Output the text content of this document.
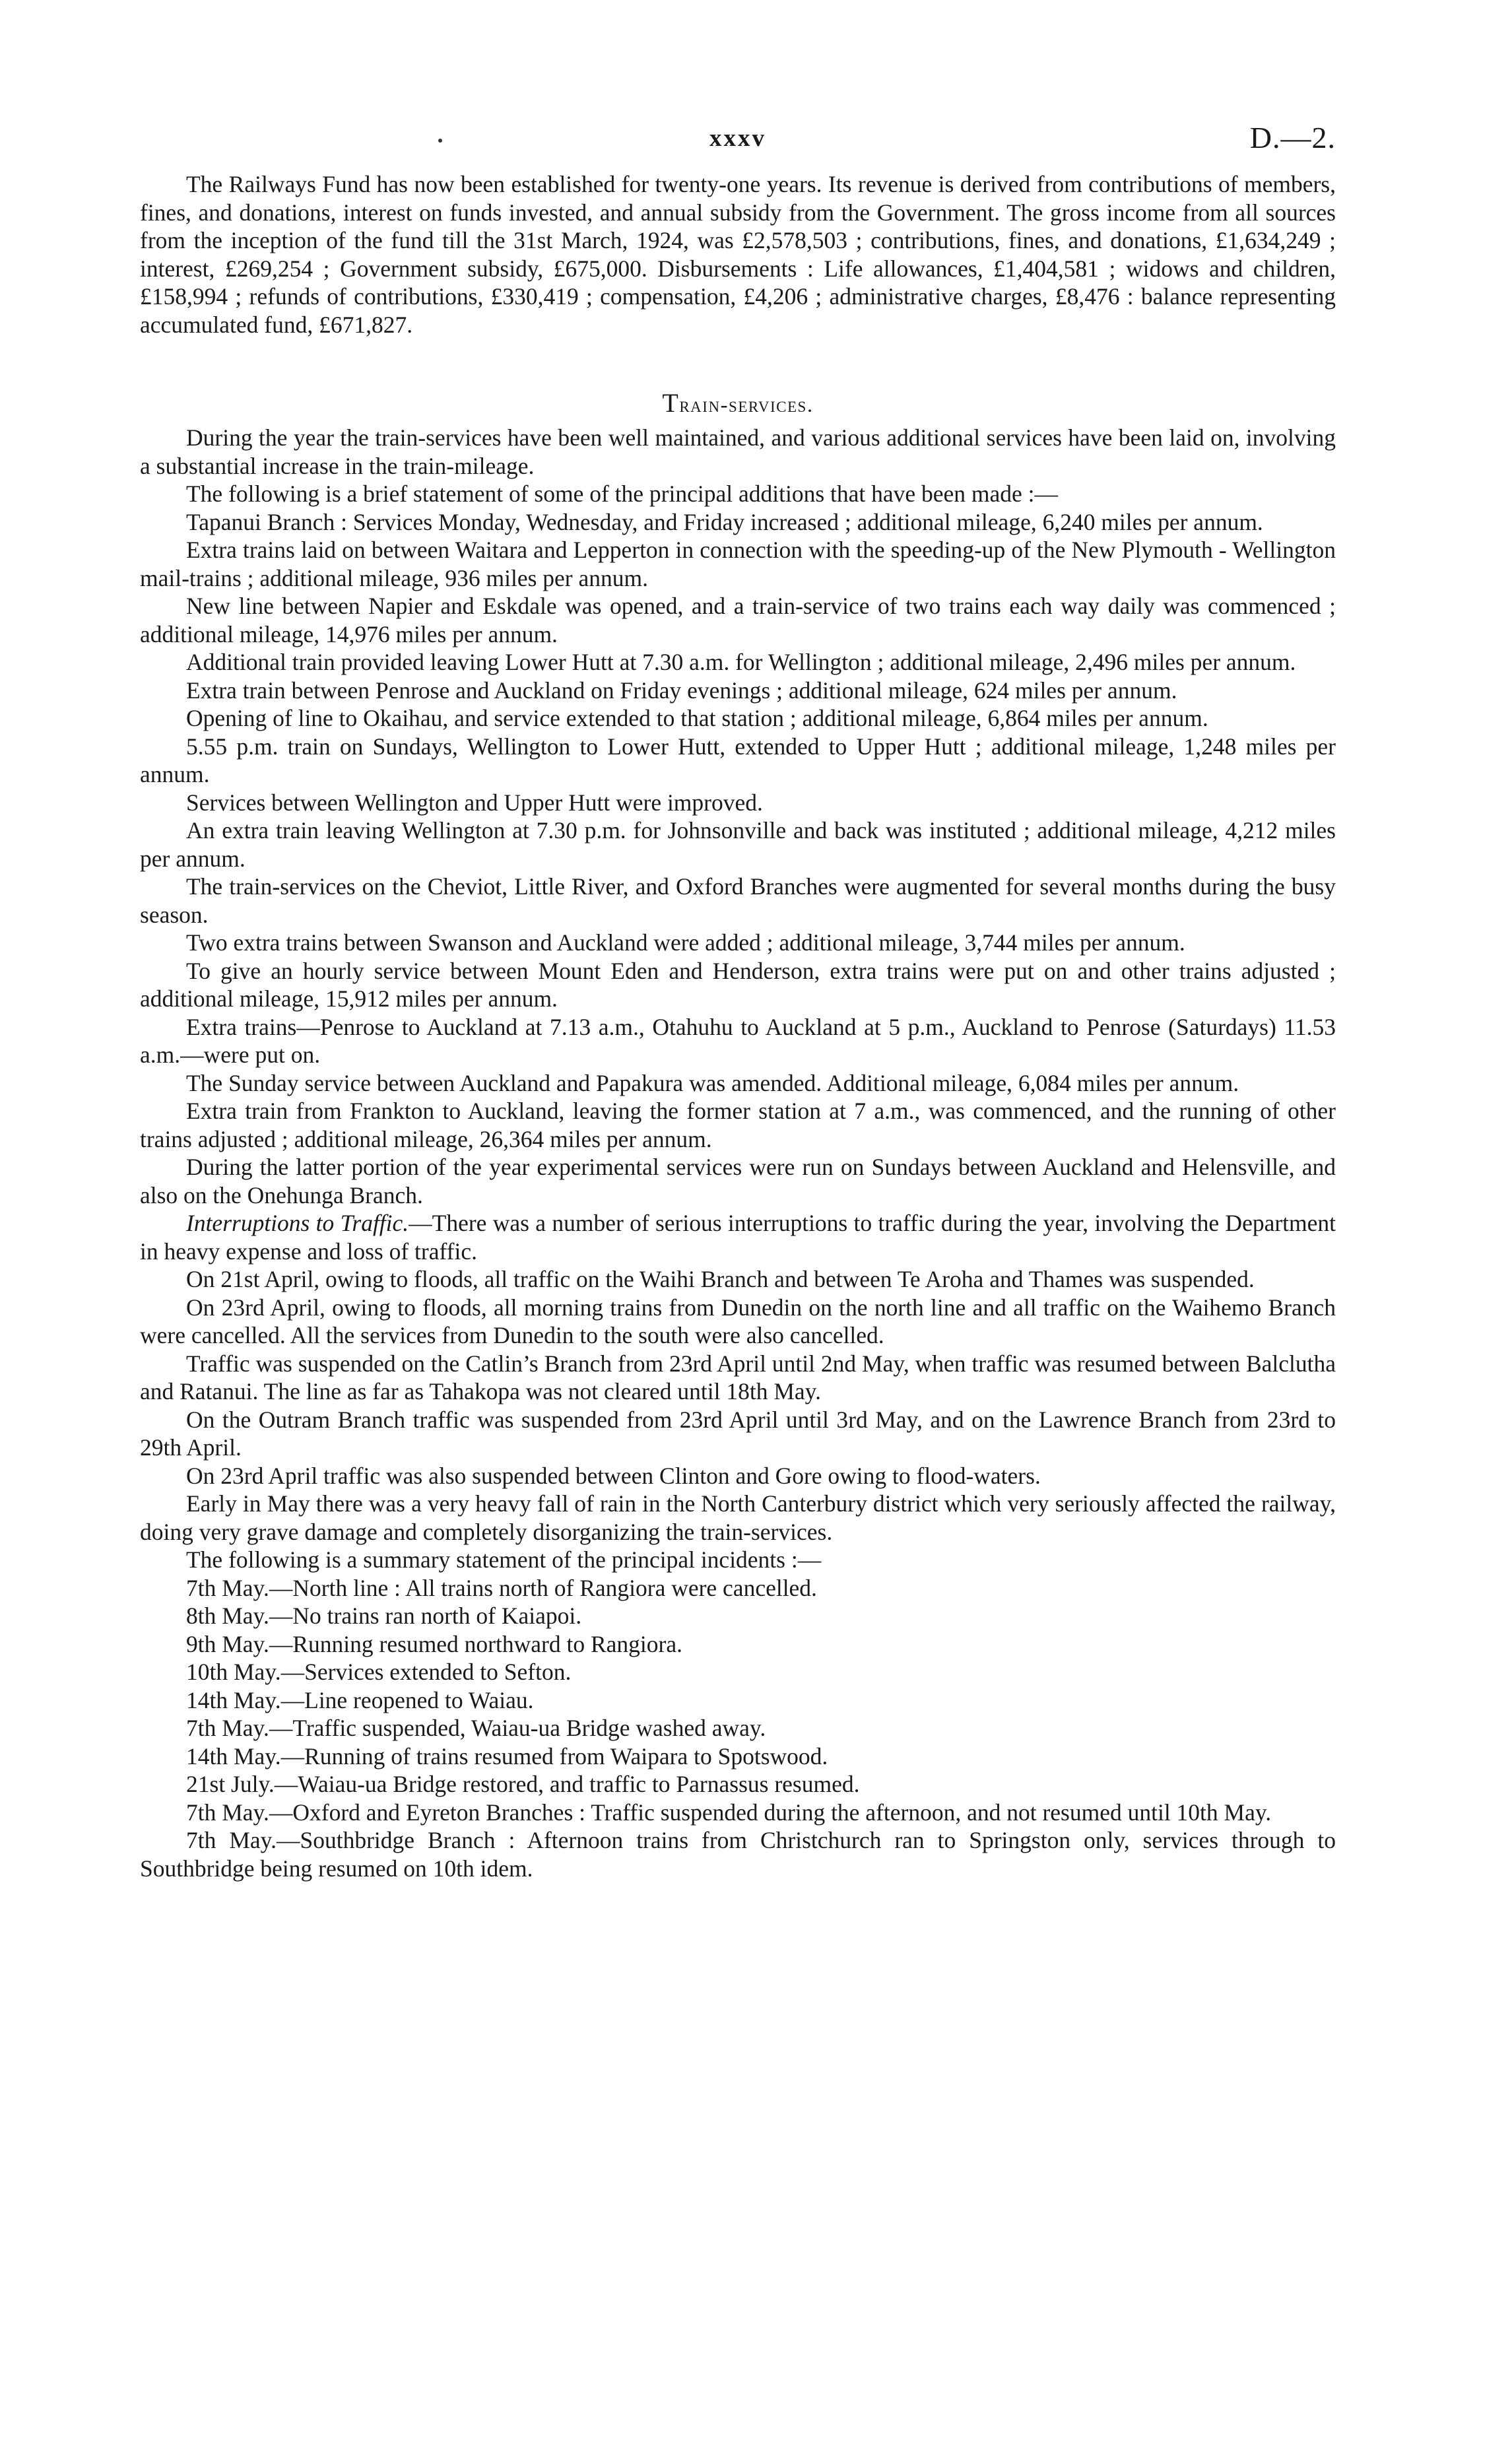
xxxv	D.—2.

The Railways Fund has now been established for twenty-one years. Its revenue is derived from contributions of members, fines, and donations, interest on funds invested, and annual subsidy from the Government. The gross income from all sources from the inception of the fund till the 31st March, 1924, was £2,578,503 ; contributions, fines, and donations, £1,634,249 ; interest, £269,254 ; Government subsidy, £675,000. Disbursements : Life allowances, £1,404,581 ; widows and children, £158,994 ; refunds of contributions, £330,419 ; compensation, £4,206 ; administrative charges, £8,476 : balance representing accumulated fund, £671,827.

Train-services.

During the year the train-services have been well maintained, and various additional services have been laid on, involving a substantial increase in the train-mileage.

The following is a brief statement of some of the principal additions that have been made :—

Tapanui Branch : Services Monday, Wednesday, and Friday increased ; additional mileage, 6,240 miles per annum.

Extra trains laid on between Waitara and Lepperton in connection with the speeding-up of the New Plymouth - Wellington mail-trains ; additional mileage, 936 miles per annum.

New line between Napier and Eskdale was opened, and a train-service of two trains each way daily was commenced ; additional mileage, 14,976 miles per annum.

Additional train provided leaving Lower Hutt at 7.30 a.m. for Wellington ; additional mileage, 2,496 miles per annum.

Extra train between Penrose and Auckland on Friday evenings ; additional mileage, 624 miles per annum.

Opening of line to Okaihau, and service extended to that station ; additional mileage, 6,864 miles per annum.

5.55 p.m. train on Sundays, Wellington to Lower Hutt, extended to Upper Hutt ; additional mileage, 1,248 miles per annum.

Services between Wellington and Upper Hutt were improved.

An extra train leaving Wellington at 7.30 p.m. for Johnsonville and back was instituted ; additional mileage, 4,212 miles per annum.

The train-services on the Cheviot, Little River, and Oxford Branches were augmented for several months during the busy season.

Two extra trains between Swanson and Auckland were added ; additional mileage, 3,744 miles per annum.

To give an hourly service between Mount Eden and Henderson, extra trains were put on and other trains adjusted ; additional mileage, 15,912 miles per annum.

Extra trains—Penrose to Auckland at 7.13 a.m., Otahuhu to Auckland at 5 p.m., Auckland to Penrose (Saturdays) 11.53 a.m.—were put on.

The Sunday service between Auckland and Papakura was amended. Additional mileage, 6,084 miles per annum.

Extra train from Frankton to Auckland, leaving the former station at 7 a.m., was commenced, and the running of other trains adjusted ; additional mileage, 26,364 miles per annum.

During the latter portion of the year experimental services were run on Sundays between Auckland and Helensville, and also on the Onehunga Branch.

Interruptions to Traffic.—There was a number of serious interruptions to traffic during the year, involving the Department in heavy expense and loss of traffic.

On 21st April, owing to floods, all traffic on the Waihi Branch and between Te Aroha and Thames was suspended.

On 23rd April, owing to floods, all morning trains from Dunedin on the north line and all traffic on the Waihemo Branch were cancelled. All the services from Dunedin to the south were also cancelled.

Traffic was suspended on the Catlin’s Branch from 23rd April until 2nd May, when traffic was resumed between Balclutha and Ratanui. The line as far as Tahakopa was not cleared until 18th May.

On the Outram Branch traffic was suspended from 23rd April until 3rd May, and on the Lawrence Branch from 23rd to 29th April.

On 23rd April traffic was also suspended between Clinton and Gore owing to flood-waters.

Early in May there was a very heavy fall of rain in the North Canterbury district which very seriously affected the railway, doing very grave damage and completely disorganizing the train-services.

The following is a summary statement of the principal incidents :—

7th May.—North line : All trains north of Rangiora were cancelled.

8th May.—No trains ran north of Kaiapoi.

9th May.—Running resumed northward to Rangiora.

10th May.—Services extended to Sefton.

14th May.—Line reopened to Waiau.

7th May.—Traffic suspended, Waiau-ua Bridge washed away.

14th May.—Running of trains resumed from Waipara to Spotswood.

21st July.—Waiau-ua Bridge restored, and traffic to Parnassus resumed.

7th May.—Oxford and Eyreton Branches : Traffic suspended during the afternoon, and not resumed until 10th May.

7th May.—Southbridge Branch : Afternoon trains from Christchurch ran to Springston only, services through to Southbridge being resumed on 10th idem.
